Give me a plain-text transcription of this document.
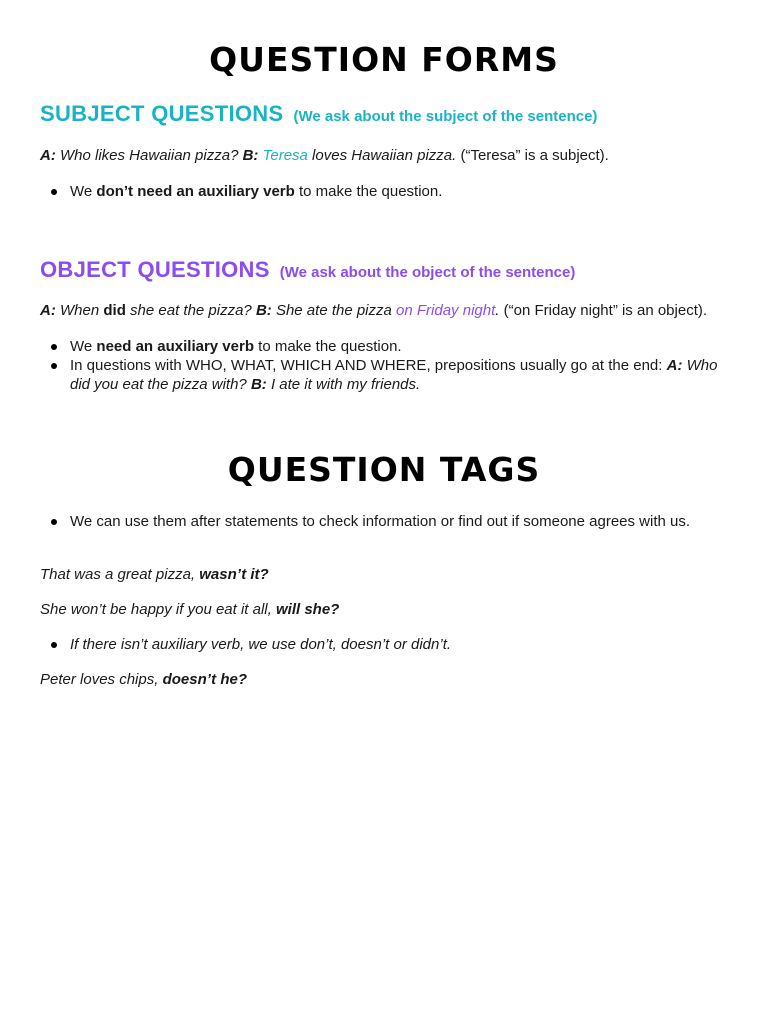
QUESTION FORMS
SUBJECT QUESTIONS (We ask about the subject of the sentence)
A: Who likes Hawaiian pizza? B: Teresa loves Hawaiian pizza. (“Teresa” is a subject).
We don’t need an auxiliary verb to make the question.
OBJECT QUESTIONS (We ask about the object of the sentence)
A: When did she eat the pizza? B: She ate the pizza on Friday night. (“on Friday night” is an object).
We need an auxiliary verb to make the question.
In questions with WHO, WHAT, WHICH AND WHERE, prepositions usually go at the end: A: Who did you eat the pizza with? B: I ate it with my friends.
QUESTION TAGS
We can use them after statements to check information or find out if someone agrees with us.
That was a great pizza, wasn’t it?
She won’t be happy if you eat it all, will she?
If there isn’t auxiliary verb, we use don’t, doesn’t or didn’t.
Peter loves chips, doesn’t he?
